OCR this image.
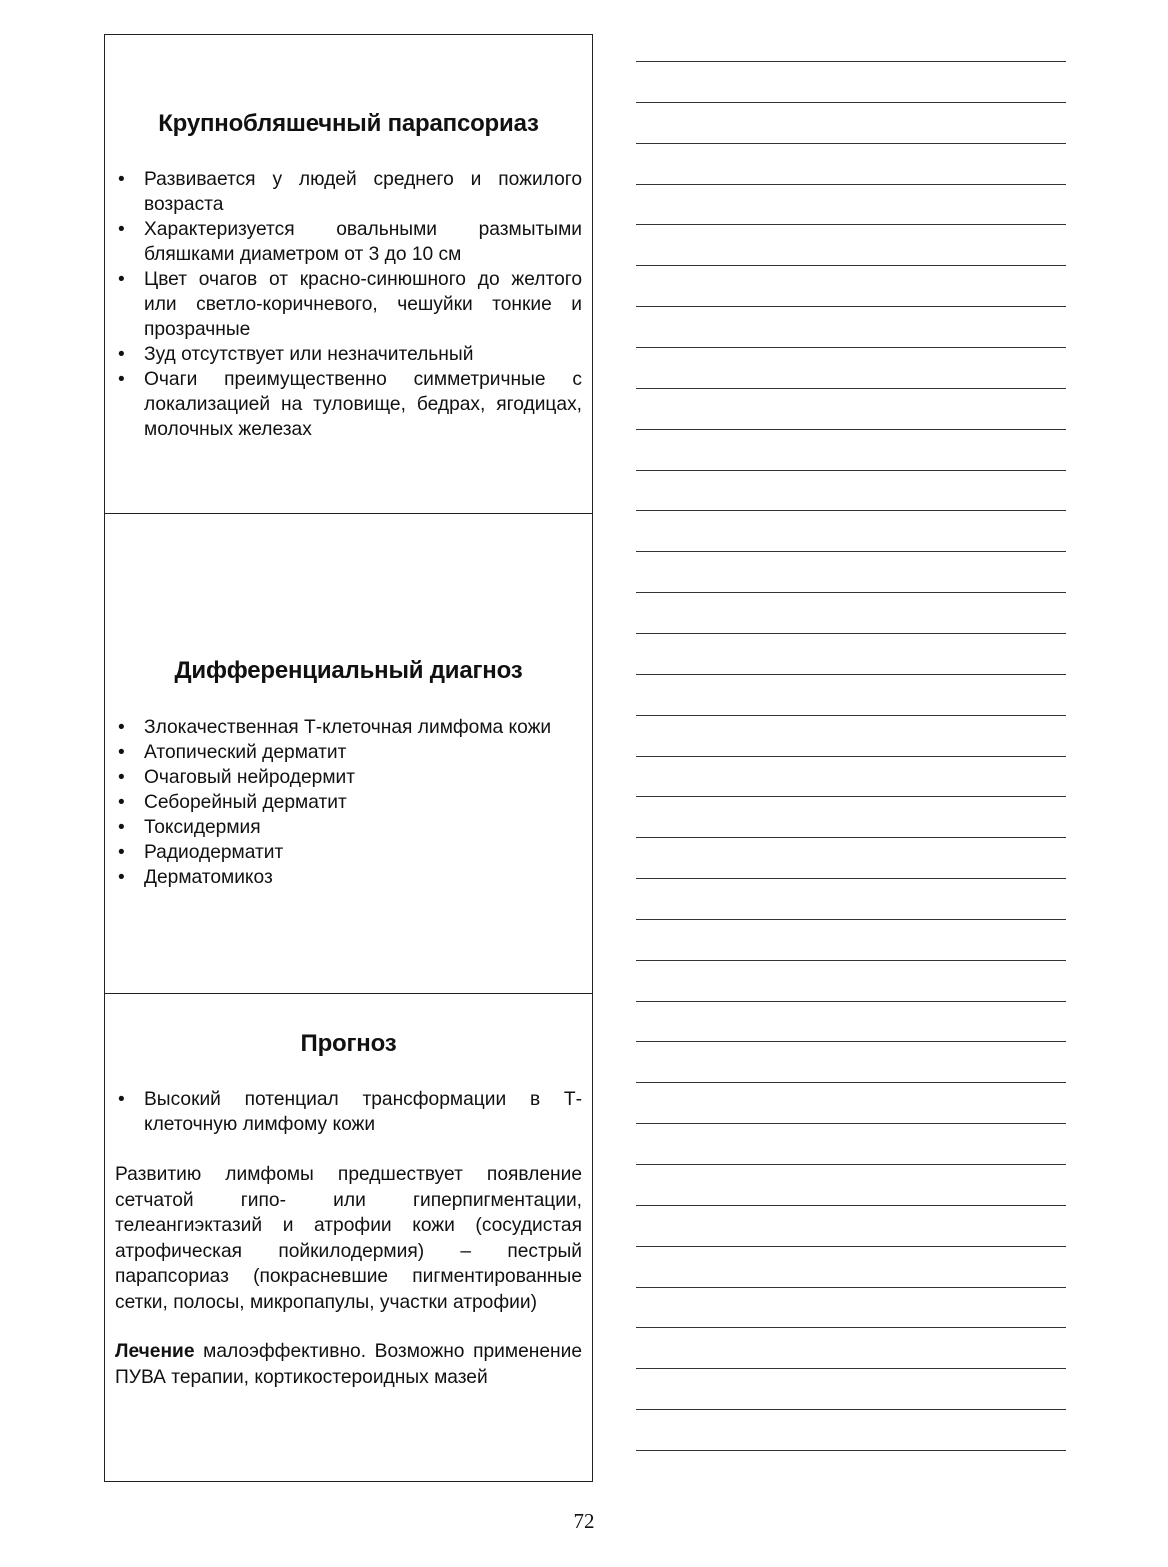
Крупнобляшечный парапсориаз
• Развивается у людей среднего и пожилого возраста
• Характеризуется овальными размытыми бляшками диаметром от 3 до 10 см
• Цвет очагов от красно-синюшного до желтого или светло-коричневого, чешуйки тонкие и прозрачные
• Зуд отсутствует или незначительный
• Очаги преимущественно симметричные с локализацией на туловище, бедрах, ягодицах, молочных железах
Дифференциальный диагноз
• Злокачественная Т-клеточная лимфома кожи
• Атопический дерматит
• Очаговый нейродермит
• Себорейный дерматит
• Токсидермия
• Радиодерматит
• Дерматомикоз
Прогноз
• Высокий потенциал трансформации в Т-клеточную лимфому кожи

Развитию лимфомы предшествует появление сетчатой гипо- или гиперпигментации, телеангиэктазий и атрофии кожи (сосудистая атрофическая пойкилодермия) – пестрый парапсориаз (покрасневшие пигментированные сетки, полосы, микропапулы, участки атрофии)

Лечение малоэффективно. Возможно применение ПУВА терапии, кортикостероидных мазей

72
